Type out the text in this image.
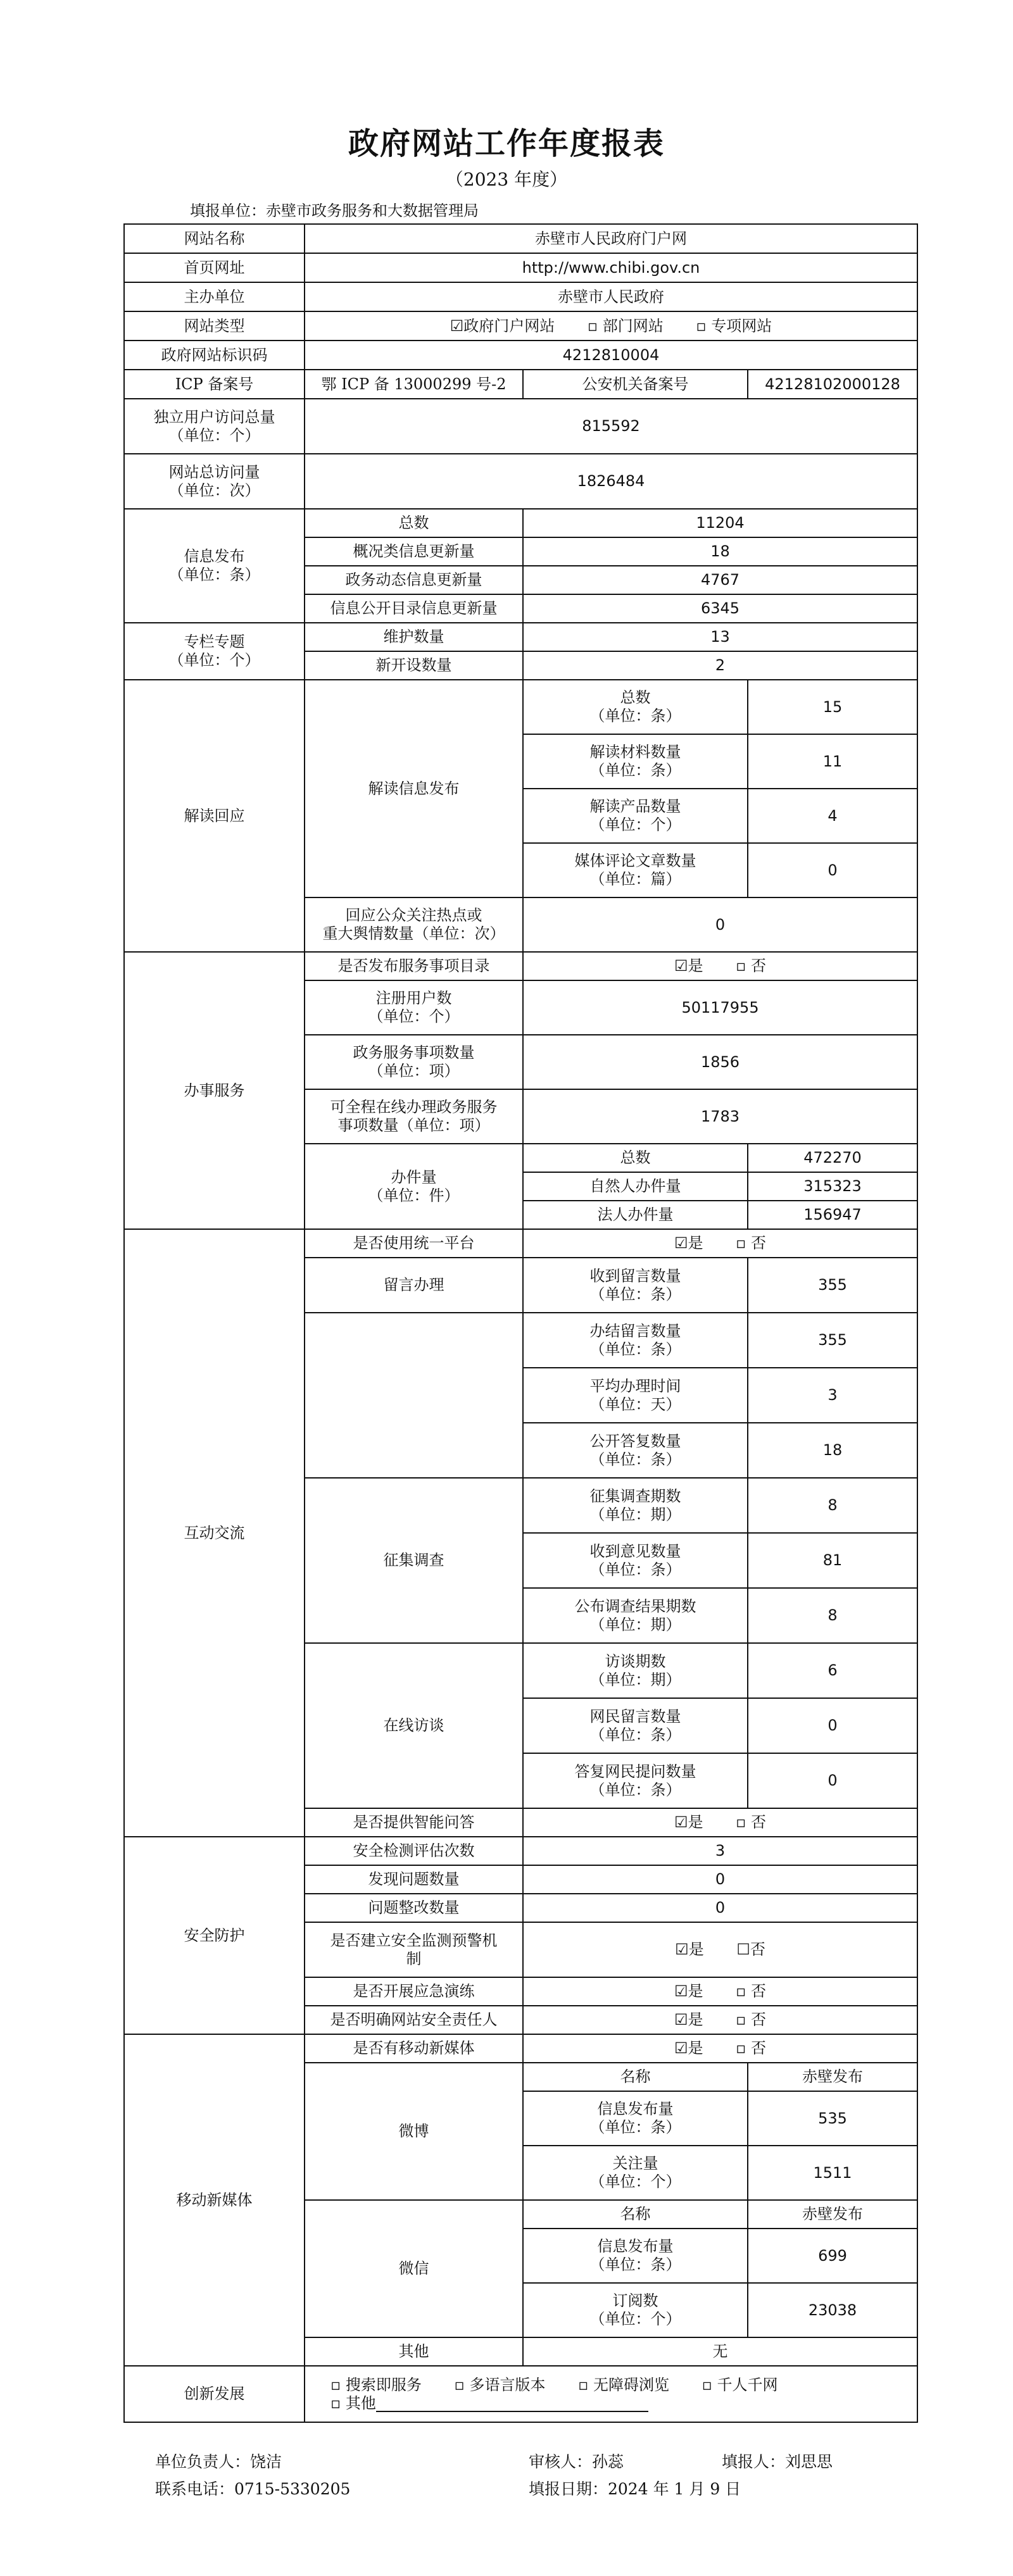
政府网站工作年度报表
（2023 年度）
填报单位：赤壁市政务服务和大数据管理局
网站名称	赤壁市人民政府门户网		
首页网址	http://www.chibi.gov.cn		
主办单位	赤壁市人民政府		
网站类型	☑政府门户网站 ▫ 部门网站 ▫ 专项网站		
政府网站标识码	4212810004		
ICP 备案号	鄂 ICP 备 13000299 号-2	公安机关备案号	42128102000128

独立用户访问总量
（单位：个）	815592		

网站总访问量
（单位：次）	1826484		

信息发布
（单位：条）	总数	11204	
	概况类信息更新量	18	
	政务动态信息更新量	4767	
	信息公开目录信息更新量	6345	

专栏专题
（单位：个）	维护数量	13	
	新开设数量	2	
解读回应	解读信息发布	总数
（单位：条）	15

		解读材料数量
（单位：条）	11

		解读产品数量
（单位：个）	4

		媒体评论文章数量
（单位：篇）	0

	回应公众关注热点或
重大舆情数量（单位：次）	0	
办事服务	是否发布服务事项目录	☑是 ▫ 否	

	注册用户数
（单位：个）	50117955	

	政务服务事项数量
（单位：项）	1856	

	可全程在线办理政务服务
事项数量（单位：项）	1783	

	办件量
（单位：件）	总数	472270
		自然人办件量	315323
		法人办件量	156947
互动交流	是否使用统一平台	☑是 ▫ 否	
	留言办理	收到留言数量
（单位：条）	355

		办结留言数量
（单位：条）	355

		平均办理时间
（单位：天）	3

		公开答复数量
（单位：条）	18
	征集调查	征集调查期数
（单位：期）	8

		收到意见数量
（单位：条）	81

		公布调查结果期数
（单位：期）	8
	在线访谈	访谈期数
（单位：期）	6

		网民留言数量
（单位：条）	0

		答复网民提问数量
（单位：条）	0
	是否提供智能问答	☑是 ▫ 否	
安全防护	安全检测评估次数	3	
	发现问题数量	0	
	问题整改数量	0	

	是否建立安全监测预警机
制	☑是 ☐否	
	是否开展应急演练	☑是 ▫ 否	
	是否明确网站安全责任人	☑是 ▫ 否	
移动新媒体	是否有移动新媒体	☑是 ▫ 否	
	微博	名称	赤壁发布

		信息发布量
（单位：条）	535

		关注量
（单位：个）	1511
	微信	名称	赤壁发布

		信息发布量
（单位：条）	699

		订阅数
（单位：个）	23038
	其他	无	
创新发展	▫ 搜索即服务 ▫ 多语言版本 ▫ 无障碍浏览 ▫ 千人千网
▫ 其他		
单位负责人：饶洁	审核人：孙蕊	填报人：刘思思
联系电话：0715-5330205	填报日期：2024 年 1 月 9 日
